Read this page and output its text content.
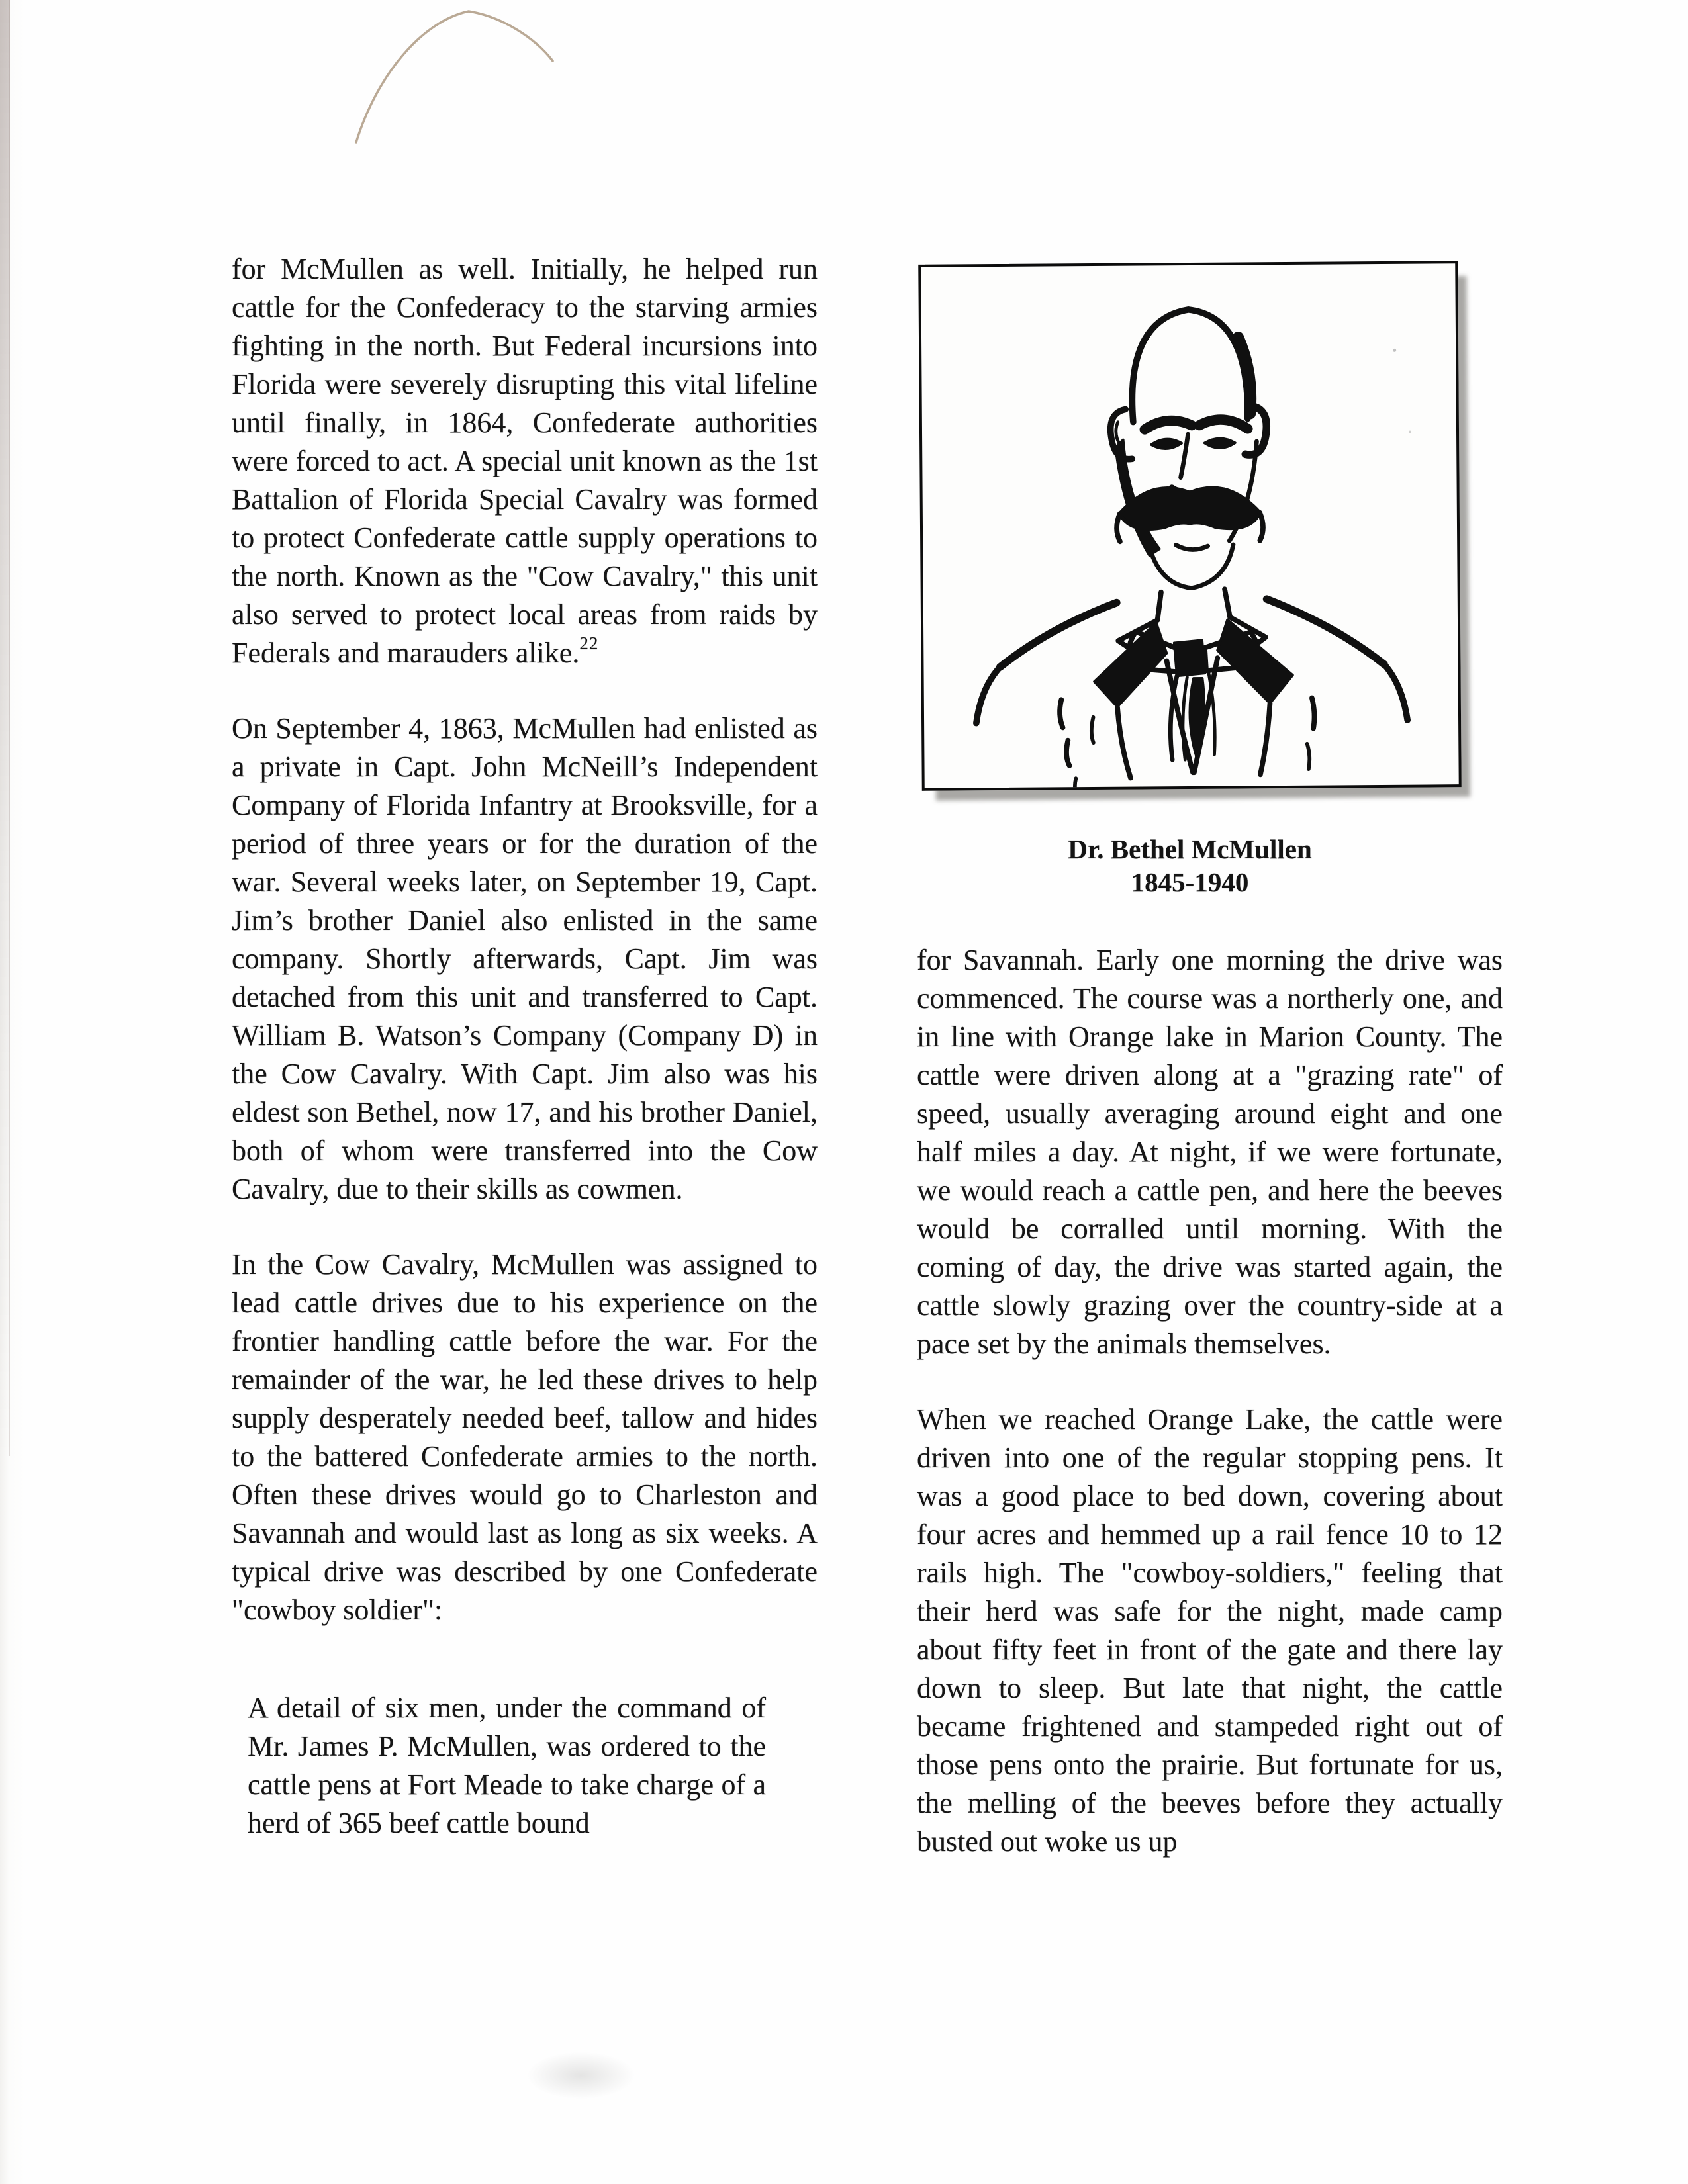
for McMullen as well. Initially, he helped run cattle for the Confederacy to the starving armies fighting in the north. But Federal incursions into Florida were severely disrupting this vital lifeline until finally, in 1864, Confederate authorities were forced to act. A special unit known as the 1st Battalion of Florida Special Cavalry was formed to protect Confederate cattle supply operations to the north. Known as the "Cow Cavalry," this unit also served to protect local areas from raids by Federals and marauders alike.$^{22}$

On September 4, 1863, McMullen had enlisted as a private in Capt. John McNeill’s Independent Company of Florida Infantry at Brooksville, for a period of three years or for the duration of the war. Several weeks later, on September 19, Capt. Jim’s brother Daniel also enlisted in the same company. Shortly afterwards, Capt. Jim was detached from this unit and transferred to Capt. William B. Watson’s Company (Company D) in the Cow Cavalry. With Capt. Jim also was his eldest son Bethel, now 17, and his brother Daniel, both of whom were transferred into the Cow Cavalry, due to their skills as cowmen.

In the Cow Cavalry, McMullen was assigned to lead cattle drives due to his experience on the frontier handling cattle before the war. For the remainder of the war, he led these drives to help supply desperately needed beef, tallow and hides to the battered Confederate armies to the north. Often these drives would go to Charleston and Savannah and would last as long as six weeks. A typical drive was described by one Confederate "cowboy soldier":

A detail of six men, under the command of Mr. James P. McMullen, was ordered to the cattle pens at Fort Meade to take charge of a herd of 365 beef cattle bound

Dr. Bethel McMullen
1845-1940

for Savannah. Early one morning the drive was commenced. The course was a northerly one, and in line with Orange lake in Marion County. The cattle were driven along at a "grazing rate" of speed, usually averaging around eight and one half miles a day. At night, if we were fortunate, we would reach a cattle pen, and here the beeves would be corralled until morning. With the coming of day, the drive was started again, the cattle slowly grazing over the country-side at a pace set by the animals themselves.

When we reached Orange Lake, the cattle were driven into one of the regular stopping pens. It was a good place to bed down, covering about four acres and hemmed up a rail fence 10 to 12 rails high. The "cowboy-soldiers," feeling that their herd was safe for the night, made camp about fifty feet in front of the gate and there lay down to sleep. But late that night, the cattle became frightened and stampeded right out of those pens onto the prairie. But fortunate for us, the melling of the beeves before they actually busted out woke us up
